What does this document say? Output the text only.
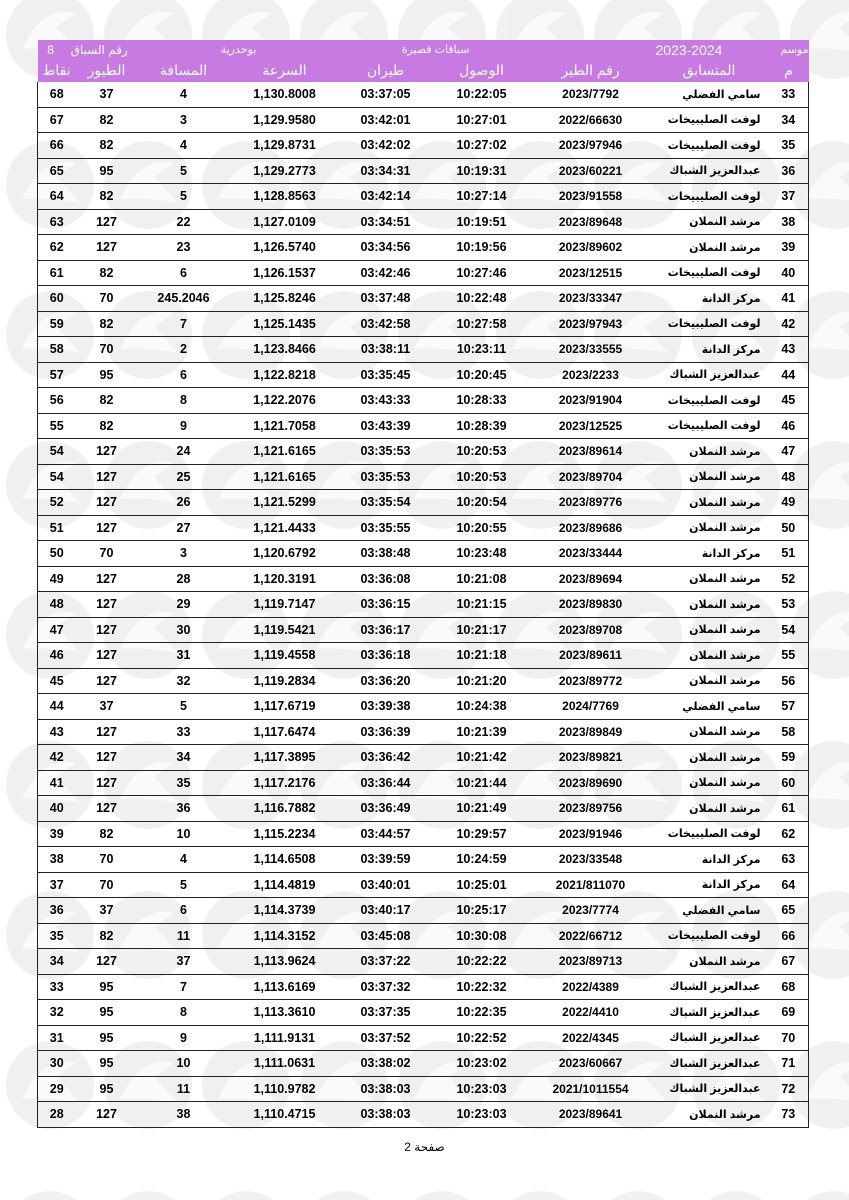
8 رقم السباق		بوحدرية		سباقات قصيرة			2023-2024	موسم
نقاط	الطيور	المسافة	السرعة	طيران	الوصول	رقم الطير	المتسابق	م
68	37	4	1,130.8008	03:37:05	10:22:05	2023/7792	سامي الفضلي	33
67	82	3	1,129.9580	03:42:01	10:27:01	2022/66630	لوفت الصليبيخات	34
66	82	4	1,129.8731	03:42:02	10:27:02	2023/97946	لوفت الصليبيخات	35
65	95	5	1,129.2773	03:34:31	10:19:31	2023/60221	عبدالعزيز الشباك	36
64	82	5	1,128.8563	03:42:14	10:27:14	2023/91558	لوفت الصليبيخات	37
63	127	22	1,127.0109	03:34:51	10:19:51	2023/89648	مرشد النملان	38
62	127	23	1,126.5740	03:34:56	10:19:56	2023/89602	مرشد النملان	39
61	82	6	1,126.1537	03:42:46	10:27:46	2023/12515	لوفت الصليبيخات	40
60	70	245.2046	1,125.8246	03:37:48	10:22:48	2023/33347	مركز الدانة	41
59	82	7	1,125.1435	03:42:58	10:27:58	2023/97943	لوفت الصليبيخات	42
58	70	2	1,123.8466	03:38:11	10:23:11	2023/33555	مركز الدانة	43
57	95	6	1,122.8218	03:35:45	10:20:45	2023/2233	عبدالعزيز الشباك	44
56	82	8	1,122.2076	03:43:33	10:28:33	2023/91904	لوفت الصليبيخات	45
55	82	9	1,121.7058	03:43:39	10:28:39	2023/12525	لوفت الصليبيخات	46
54	127	24	1,121.6165	03:35:53	10:20:53	2023/89614	مرشد النملان	47
54	127	25	1,121.6165	03:35:53	10:20:53	2023/89704	مرشد النملان	48
52	127	26	1,121.5299	03:35:54	10:20:54	2023/89776	مرشد النملان	49
51	127	27	1,121.4433	03:35:55	10:20:55	2023/89686	مرشد النملان	50
50	70	3	1,120.6792	03:38:48	10:23:48	2023/33444	مركز الدانة	51
49	127	28	1,120.3191	03:36:08	10:21:08	2023/89694	مرشد النملان	52
48	127	29	1,119.7147	03:36:15	10:21:15	2023/89830	مرشد النملان	53
47	127	30	1,119.5421	03:36:17	10:21:17	2023/89708	مرشد النملان	54
46	127	31	1,119.4558	03:36:18	10:21:18	2023/89611	مرشد النملان	55
45	127	32	1,119.2834	03:36:20	10:21:20	2023/89772	مرشد النملان	56
44	37	5	1,117.6719	03:39:38	10:24:38	2024/7769	سامي الفضلي	57
43	127	33	1,117.6474	03:36:39	10:21:39	2023/89849	مرشد النملان	58
42	127	34	1,117.3895	03:36:42	10:21:42	2023/89821	مرشد النملان	59
41	127	35	1,117.2176	03:36:44	10:21:44	2023/89690	مرشد النملان	60
40	127	36	1,116.7882	03:36:49	10:21:49	2023/89756	مرشد النملان	61
39	82	10	1,115.2234	03:44:57	10:29:57	2023/91946	لوفت الصليبيخات	62
38	70	4	1,114.6508	03:39:59	10:24:59	2023/33548	مركز الدانة	63
37	70	5	1,114.4819	03:40:01	10:25:01	2021/811070	مركز الدانة	64
36	37	6	1,114.3739	03:40:17	10:25:17	2023/7774	سامي الفضلي	65
35	82	11	1,114.3152	03:45:08	10:30:08	2022/66712	لوفت الصليبيخات	66
34	127	37	1,113.9624	03:37:22	10:22:22	2023/89713	مرشد النملان	67
33	95	7	1,113.6169	03:37:32	10:22:32	2022/4389	عبدالعزيز الشباك	68
32	95	8	1,113.3610	03:37:35	10:22:35	2022/4410	عبدالعزيز الشباك	69
31	95	9	1,111.9131	03:37:52	10:22:52	2022/4345	عبدالعزيز الشباك	70
30	95	10	1,111.0631	03:38:02	10:23:02	2023/60667	عبدالعزيز الشباك	71
29	95	11	1,110.9782	03:38:03	10:23:03	2021/1011554	عبدالعزيز الشباك	72
28	127	38	1,110.4715	03:38:03	10:23:03	2023/89641	مرشد النملان	73
صفحة 2
